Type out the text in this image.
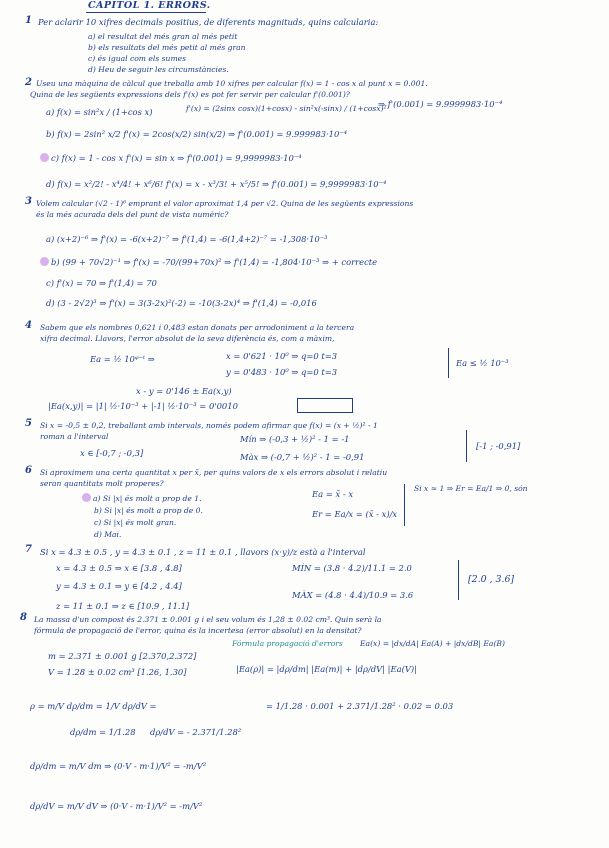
CAPITOL 1. ERRORS.
1 Per aclarir 10 xifres decimals positius, de diferents magnituds, quins calcularia:
a) el resultat del més gran al més petit
b) els resultats del més petit al més gran
c) és igual com els sumes
d) Heu de seguir les circumstàncies.
2 Useu una màquina de càlcul que treballa amb 10 xifres per calcular f(x) = 1 - cos x al punt x = 0.001.
Quina de les següents expressions dels f'(x) es pot fer servir per calcular f'(0.001)?
a) f(x) = sin²x / (1+cos x)	f'(x) = (2sinx cosx)(1+cosx) - sin²x(-sinx) / (1+cosx)²
⇒ f'(0.001) = 9.9999983·10⁻⁴
b) f(x) = 2sin² x/2 f'(x) = 2cos(x/2) sin(x/2) ⇒ f'(0.001) = 9.999983·10⁻⁴
c) f(x) = 1 - cos x f'(x) = sin x ⇒ f'(0.001) = 9,9999983·10⁻⁴
d) f(x) = x²/2! - x⁴/4! + x⁶/6! f'(x) = x - x³/3! + x⁵/5! ⇒ f'(0.001) = 9,9999983·10⁻⁴
3 Volem calcular (√2 - 1)⁶ emprant el valor aproximat 1,4 per √2. Quina de les següents expressions
és la més acurada dels del punt de vista numèric?
a) (x+2)⁻⁶ ⇒ f'(x) = -6(x+2)⁻⁷ ⇒ f'(1,4) = -6(1,4+2)⁻⁷ = -1,308·10⁻³
b) (99 + 70√2)⁻¹ ⇒ f'(x) = -70/(99+70x)² ⇒ f'(1,4) = -1,804·10⁻³ ⇒ + correcte
c) f'(x) = 70 ⇒ f'(1,4) = 70
d) (3 - 2√2)³ ⇒ f'(x) = 3(3-2x)²(-2) = -10(3-2x)⁴ ⇒ f'(1,4) = -0,016
4 Sabem que els nombres 0,621 i 0,483 estan donats per arrodoniment a la tercera
xifra decimal. Llavors, l'error absolut de la seva diferència és, com a màxim,
Ea = ½ 10ᵠ⁻ᵗ ⇒	x = 0'621 · 10⁰ ⇒ q=0 t=3
y = 0'483 · 10⁰ ⇒ q=0 t=3
Ea ≤ ½ 10⁻³
x - y = 0'146 ± Ea(x,y)
|Ea(x,y)| = |1| ½·10⁻³ + |-1| ½·10⁻³ = 0'0010
5 Si x = -0,5 ± 0,2, treballant amb intervals, només podem afirmar que f(x) = (x + ½)² - 1
roman a l'interval
x ∈ [-0,7 ; -0,3]
Mín ⇒ (-0,3 + ½)² - 1 = -1
Màx ⇒ (-0,7 + ½)² - 1 = -0,91
[-1 ; -0,91]
6 Si aproximem una certa quantitat x per x̄, per quins valors de x els errors absolut i relatiu
seran quantitats molt properes?
a) Si |x| és molt a prop de 1.
b) Si |x| és molt a prop de 0.
c) Si |x| és molt gran.
d) Mai.
Ea = x̄ - x
Er = Ea/x = (x̄ - x)/x
Si x ≈ 1 ⇒ Er = Ea/1 ⇒ 0, són
7 Si x = 4.3 ± 0.5 , y = 4.3 ± 0.1 , z = 11 ± 0.1 , llavors (x·y)/z està a l'interval
x = 4.3 ± 0.5 ⇒ x ∈ [3.8 , 4.8]
y = 4.3 ± 0.1 ⇒ y ∈ [4.2 , 4.4]
z = 11 ± 0.1 ⇒ z ∈ [10.9 , 11.1]
MÍN = (3.8 · 4.2)/11.1 = 2.0
MÀX = (4.8 · 4.4)/10.9 = 3.6
[2.0 , 3.6]
8 La massa d'un compost és 2.371 ± 0.001 g i el seu volum és 1,28 ± 0.02 cm³. Quin serà la
fórmula de propagació de l'error, quina és la incertesa (error absolut) en la densitat?
Fórmula propagació d'errors
m = 2.371 ± 0.001 g [2.370,2.372]
V = 1.28 ± 0.02 cm³ [1.26, 1.30]
Ea(x) = |dx/dA| Ea(A) + |dx/dB| Ea(B)
|Ea(ρ)| = |dρ/dm| |Ea(m)| + |dρ/dV| |Ea(V)|
ρ = m/V dρ/dm = 1/V dρ/dV =
dρ/dm = 1/1.28 dρ/dV = - 2.371/1.28²
= 1/1.28 · 0.001 + 2.371/1.28² · 0.02 = 0.03
dρ/dm = m/V dm ⇒ (0·V - m·1)/V² = -m/V²
dρ/dV = m/V dV ⇒ (0·V - m·1)/V² = -m/V²
